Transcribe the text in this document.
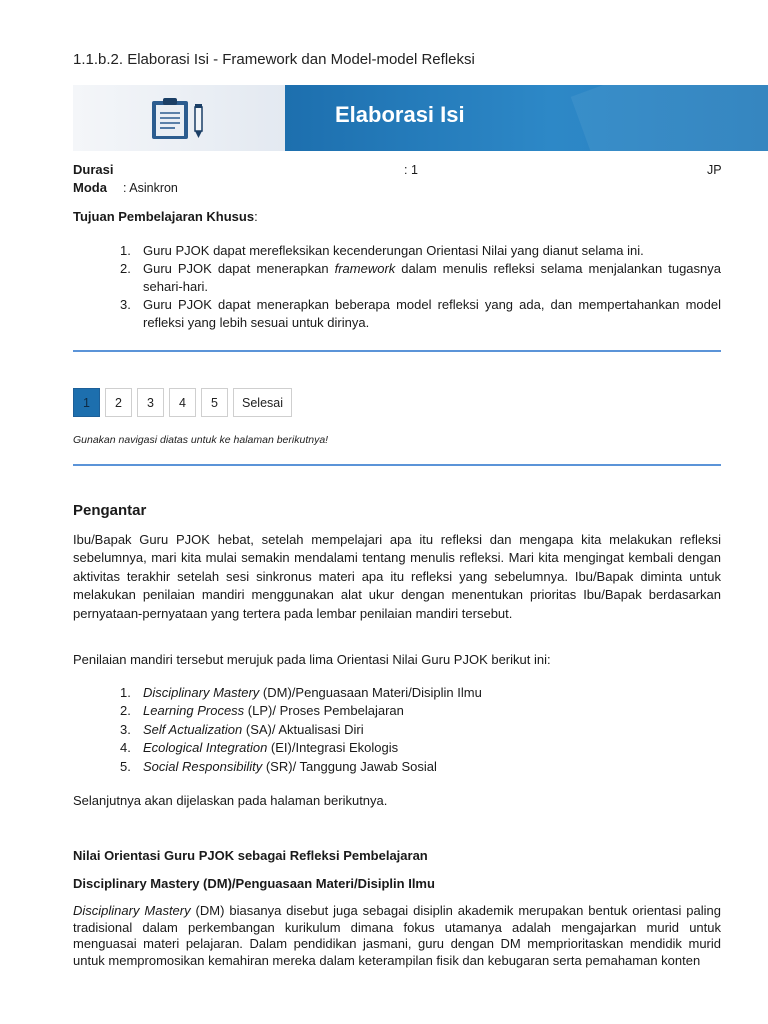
1.1.b.2. Elaborasi Isi - Framework dan Model-model Refleksi
Elaborasi Isi
Durasi	: 1	JP
Moda : Asinkron
Tujuan Pembelajaran Khusus:
1. Guru PJOK dapat merefleksikan kecenderungan Orientasi Nilai yang dianut selama ini.
2. Guru PJOK dapat menerapkan framework dalam menulis refleksi selama menjalankan tugasnya sehari-hari.
3. Guru PJOK dapat menerapkan beberapa model refleksi yang ada, dan mempertahankan model refleksi yang lebih sesuai untuk dirinya.
1	2	3	4	5	Selesai
Gunakan navigasi diatas untuk ke halaman berikutnya!
Pengantar
Ibu/Bapak Guru PJOK hebat, setelah mempelajari apa itu refleksi dan mengapa kita melakukan refleksi sebelumnya, mari kita mulai semakin mendalami tentang menulis refleksi. Mari kita mengingat kembali dengan aktivitas terakhir setelah sesi sinkronus materi apa itu refleksi yang sebelumnya. Ibu/Bapak diminta untuk melakukan penilaian mandiri menggunakan alat ukur dengan menentukan prioritas Ibu/Bapak berdasarkan pernyataan-pernyataan yang tertera pada lembar penilaian mandiri tersebut.
Penilaian mandiri tersebut merujuk pada lima Orientasi Nilai Guru PJOK berikut ini:
1. Disciplinary Mastery (DM)/Penguasaan Materi/Disiplin Ilmu
2. Learning Process (LP)/ Proses Pembelajaran
3. Self Actualization (SA)/ Aktualisasi Diri
4. Ecological Integration (EI)/Integrasi Ekologis
5. Social Responsibility (SR)/ Tanggung Jawab Sosial
Selanjutnya akan dijelaskan pada halaman berikutnya.
Nilai Orientasi Guru PJOK sebagai Refleksi Pembelajaran
Disciplinary Mastery (DM)/Penguasaan Materi/Disiplin Ilmu
Disciplinary Mastery (DM) biasanya disebut juga sebagai disiplin akademik merupakan bentuk orientasi paling tradisional dalam perkembangan kurikulum dimana fokus utamanya adalah mengajarkan murid untuk menguasai materi pelajaran. Dalam pendidikan jasmani, guru dengan DM memprioritaskan mendidik murid untuk mempromosikan kemahiran mereka dalam keterampilan fisik dan kebugaran serta pemahaman konten
